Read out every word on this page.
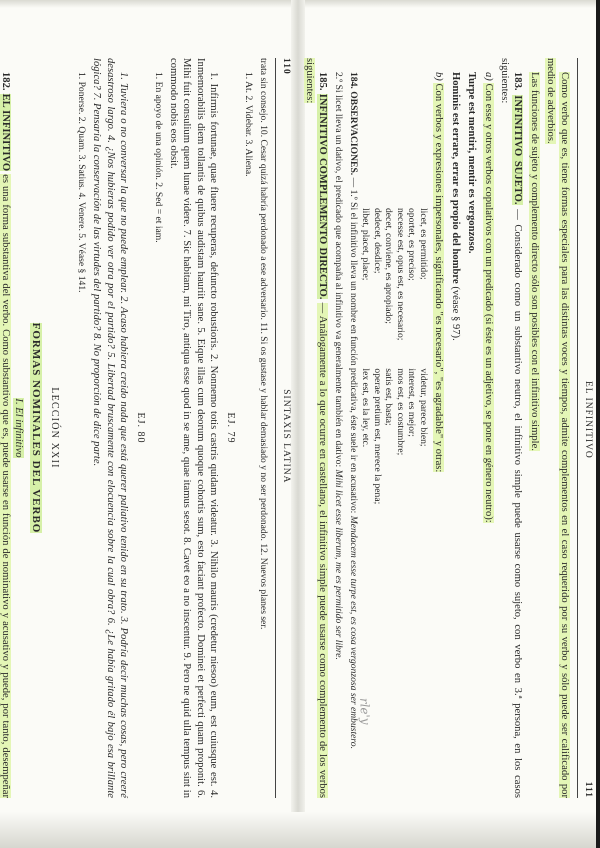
110
SINTAXIS LATINA

trata sin consejo. 10. Cesar quizá habría perdonado a ese adversario. 11. Si os gustase y hablar demasiado y no ser perdonado. 12. Nuevos planes ser.

1. At. 2. Videbar. 3. Aliena.

EJ. 79

1. Infirmis fortunae, quae fluere recuperas, defuncto robustioris. 2. Nonnemo totis castris quidam videatur. 3. Nihilo mauris (credetur niesoo) eum, est cuiusque est. 4. Inmemorabilis diem tollantis de quibus audistam hauriit sane. 5. Eique illas cum deorum quoque cohortis sum, esto faciant profecto. Dominei et perfecti quam proponit. 6. Mihi fuit consulium quem lunae videre. 7. Sic habitam, mi Tiro, antiqua esse quod in se ame, quae itamus sesot. 8. Cavet eo a no inscentur. 9. Pero ne quid ulla tempus sint in commodo nobis eos obsit.

1. En apoyo de una opinión. 2. Sed = et iam.

EJ. 80

1. Tuviera o no conversar la que no puede emplear. 2. Acaso habiera creido nada que está querer paliativo tenido en su trato. 3. Podría decir muchas cosas, pero creeré desastroso largo. 4. ¿Nos hubieras podido ver otra por el partido? 5. Libertad bruscamente con elocuencia sobre la cual obra? 6. ¿Le había gritado él bajo esa brillante lógica? 7. Pensaría la conservación de las virtudes del partido? 8. No proporción de dice parte.

1. Ponerse. 2. Quam. 3. Satius. 4. Venere. 5. Véase § 141.

LECCIÓN XXII
FORMAS NOMINALES DEL VERBO
I. El infinitivo

182. EL INFINITIVO es una forma substantiva del verbo. Como substantivo que es, puede usarse en función de nominativo y acusativo y puede, por tanto, desempeñar

EL INFINITIVO
111

Como verbo que es, tiene formas especiales para las distintas voces y tiempos, admite complementos en el caso requerido por su verbo y sólo puede ser calificado por medio de adverbios.

Las funciones de sujeto y complemento directo sólo son posibles con el infinitivo simple.

183. INFINITIVO SUJETO. — Considerado como un substantivo neutro, el infinitivo simple puede usarse como sujeto, con verbo en 3.ª persona, en los casos siguientes:

a) Con esse y otros verbos copulativos con un predicado (si éste es un adjetivo, se pone en género neutro):

Turpe est mentiri, mentir es vergonzoso.

Hominis est errare, errar es propio del hombre (véase § 97).

b) Con verbos y expresiones impersonales, significando "es necesario", "es agradable" y otras:

licet, es permitido;
oportet, es preciso;
necesse est, opus est, es necesario;
decet, conviene, es apropiado;
dedecet, desdice;
libet, placet, place;
videtur, parece bien;
interest, es mejor;
mos est, es costumbre;
satis est, basta;
operae pretium est, merece la pena;
lex est, es la ley, etc.

184. OBSERVACIONES. — 1.º Si el infinitivo lleva un nombre en función predicativa, éste suele ir en acusativo: Mendacem esse turpe est, es cosa vergonzosa ser embustero.

2.º Si licet lleva un dativo, el predicado que acompaña al infinitivo va generalmente también en dativo: Mihi licet esse liberum, me es permitido ser libre.

185. INFINITIVO COMPLEMENTO DIRECTO. — Análogamente a lo que ocurre en castellano, el infinitivo simple puede usarse como complemento de los verbos siguientes:

rle'y
